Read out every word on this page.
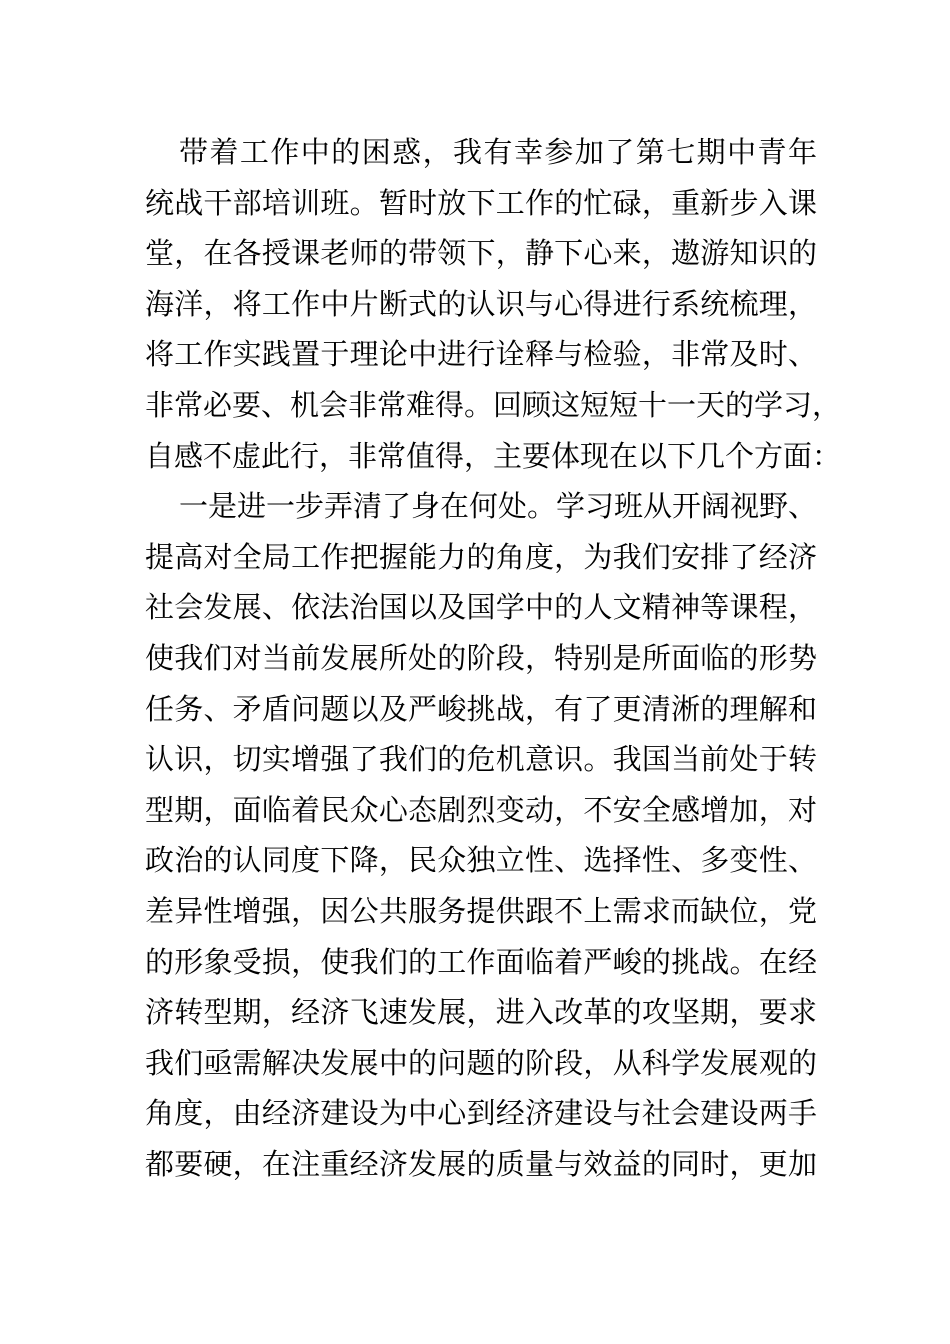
带着工作中的困惑，我有幸参加了第七期中青年
统战干部培训班。暂时放下工作的忙碌，重新步入课
堂，在各授课老师的带领下，静下心来，遨游知识的
海洋，将工作中片断式的认识与心得进行系统梳理，
将工作实践置于理论中进行诠释与检验，非常及时、
非常必要、机会非常难得。回顾这短短十一天的学习，
自感不虚此行，非常值得，主要体现在以下几个方面：
一是进一步弄清了身在何处。学习班从开阔视野、
提高对全局工作把握能力的角度，为我们安排了经济
社会发展、依法治国以及国学中的人文精神等课程，
使我们对当前发展所处的阶段，特别是所面临的形势
任务、矛盾问题以及严峻挑战，有了更清淅的理解和
认识，切实增强了我们的危机意识。我国当前处于转
型期，面临着民众心态剧烈变动，不安全感增加，对
政治的认同度下降，民众独立性、选择性、多变性、
差异性增强，因公共服务提供跟不上需求而缺位，党
的形象受损，使我们的工作面临着严峻的挑战。在经
济转型期，经济飞速发展，进入改革的攻坚期，要求
我们亟需解决发展中的问题的阶段，从科学发展观的
角度，由经济建设为中心到经济建设与社会建设两手
都要硬，在注重经济发展的质量与效益的同时，更加
